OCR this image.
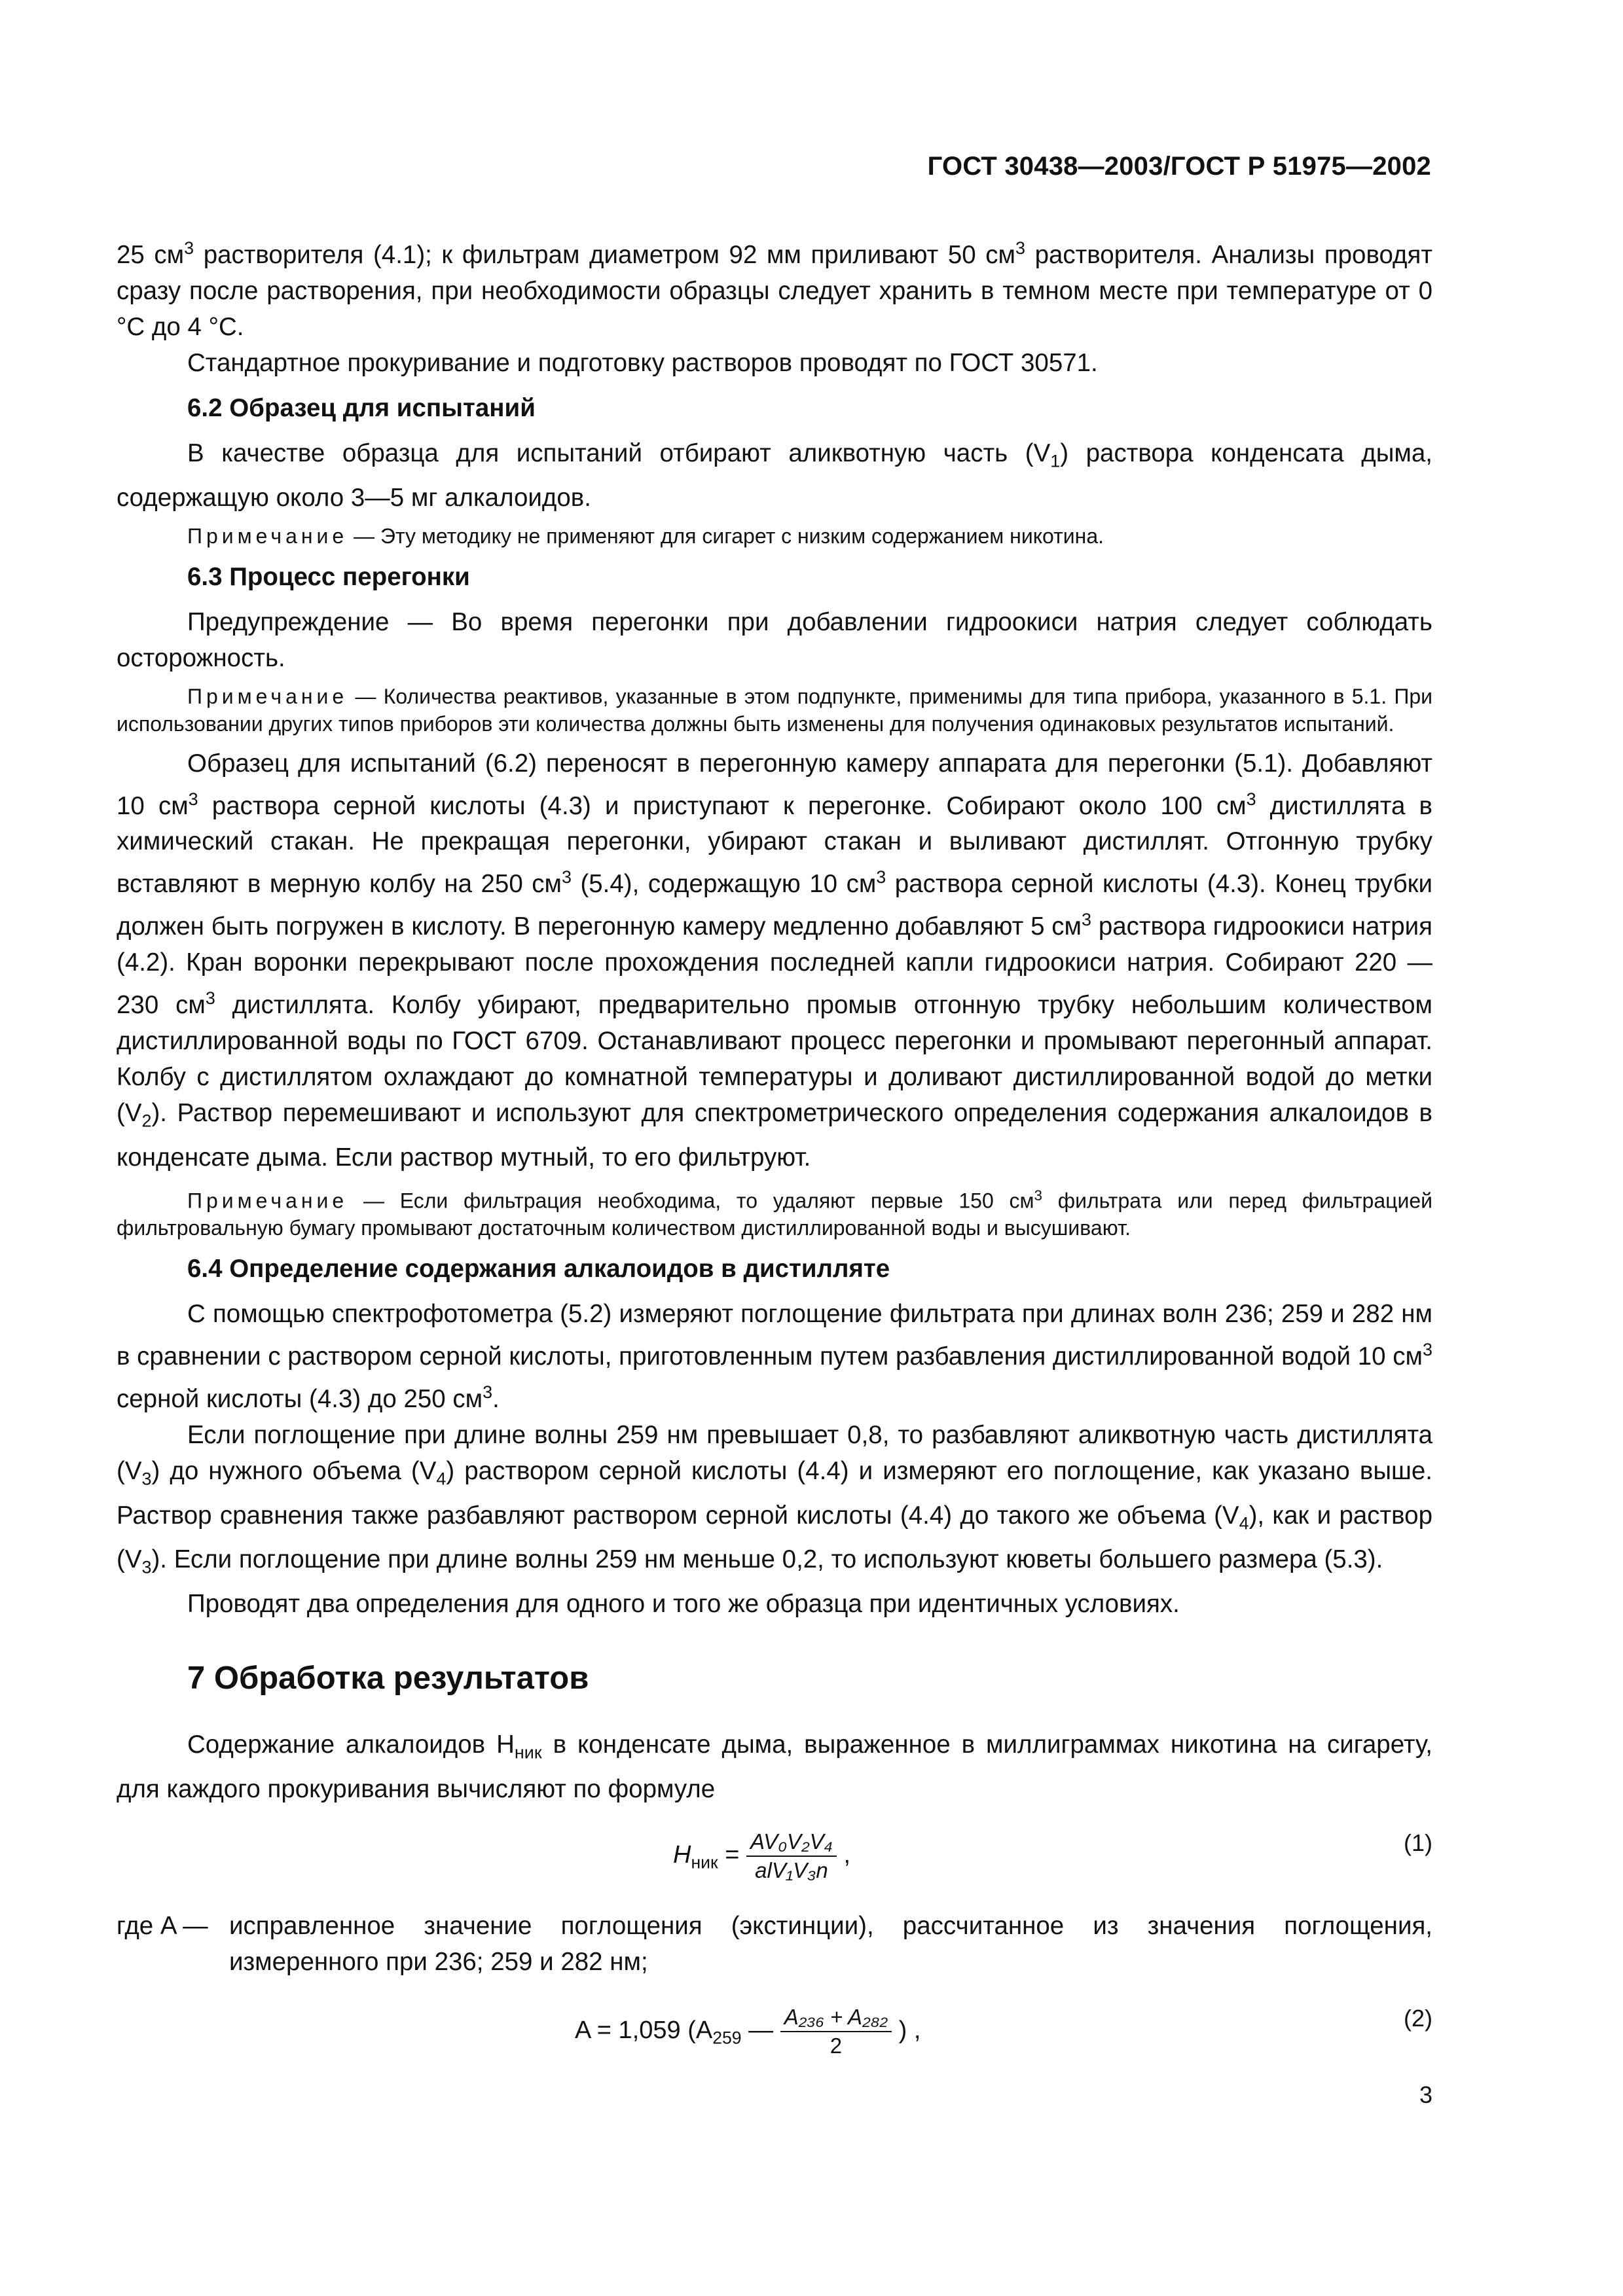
ГОСТ 30438—2003/ГОСТ Р 51975—2002

25 $см^3$ растворителя (4.1); к фильтрам диаметром 92 мм приливают 50 $см^3$ растворителя. Анализы проводят сразу после растворения, при необходимости образцы следует хранить в темном месте при температуре от 0 °C до 4 °C.

Стандартное прокуривание и подготовку растворов проводят по ГОСТ 30571.

6.2 Образец для испытаний

В качестве образца для испытаний отбирают аликвотную часть $(V_1)$ раствора конденсата дыма, содержащую около 3—5 мг алкалоидов.

Примечание — Эту методику не применяют для сигарет с низким содержанием никотина.

6.3 Процесс перегонки

Предупреждение — Во время перегонки при добавлении гидроокиси натрия следует соблюдать осторожность.

Примечание — Количества реактивов, указанные в этом подпункте, применимы для типа прибора, указанного в 5.1. При использовании других типов приборов эти количества должны быть изменены для получения одинаковых результатов испытаний.

Образец для испытаний (6.2) переносят в перегонную камеру аппарата для перегонки (5.1). Добавляют 10 $см^3$ раствора серной кислоты (4.3) и приступают к перегонке. Собирают около 100 $см^3$ дистиллята в химический стакан. Не прекращая перегонки, убирают стакан и выливают дистиллят. Отгонную трубку вставляют в мерную колбу на 250 $см^3$ (5.4), содержащую 10 $см^3$ раствора серной кислоты (4.3). Конец трубки должен быть погружен в кислоту. В перегонную камеру медленно добавляют 5 $см^3$ раствора гидроокиси натрия (4.2). Кран воронки перекрывают после прохождения последней капли гидроокиси натрия. Собирают 220 — 230 $см^3$ дистиллята. Колбу убирают, предварительно промыв отгонную трубку небольшим количеством дистиллированной воды по ГОСТ 6709. Останавливают процесс перегонки и промывают перегонный аппарат. Колбу с дистиллятом охлаждают до комнатной температуры и доливают дистиллированной водой до метки $(V_2)$. Раствор перемешивают и используют для спектрометрического определения содержания алкалоидов в конденсате дыма. Если раствор мутный, то его фильтруют.

Примечание — Если фильтрация необходима, то удаляют первые 150 $см^3$ фильтрата или перед фильтрацией фильтровальную бумагу промывают достаточным количеством дистиллированной воды и высушивают.

6.4 Определение содержания алкалоидов в дистилляте

С помощью спектрофотометра (5.2) измеряют поглощение фильтрата при длинах волн 236; 259 и 282 нм в сравнении с раствором серной кислоты, приготовленным путем разбавления дистиллированной водой 10 $см^3$ серной кислоты (4.3) до 250 $см^3$.

Если поглощение при длине волны 259 нм превышает 0,8, то разбавляют аликвотную часть дистиллята $(V_3)$ до нужного объема $(V_4)$ раствором серной кислоты (4.4) и измеряют его поглощение, как указано выше. Раствор сравнения также разбавляют раствором серной кислоты (4.4) до такого же объема $(V_4)$, как и раствор $(V_3)$. Если поглощение при длине волны 259 нм меньше 0,2, то используют кюветы большего размера (5.3).

Проводят два определения для одного и того же образца при идентичных условиях.

7 Обработка результатов

Содержание алкалоидов $H_{ник}$ в конденсате дыма, выраженное в миллиграммах никотина на сигарету, для каждого прокуривания вычисляют по формуле

$H_{ник} = \frac{\text{AV₀V₂V₄}}{\text{alV₁V₃n}}$ ,	(1)
где A — исправленное значение поглощения (экстинции), рассчитанное из значения поглощения, измеренного при 236; 259 и 282 нм;
A = 1,059 ($A_{259}$ — $\frac{\text{A₂₃₆ + A₂₈₂}}{2}$ ) ,	(2)
3
